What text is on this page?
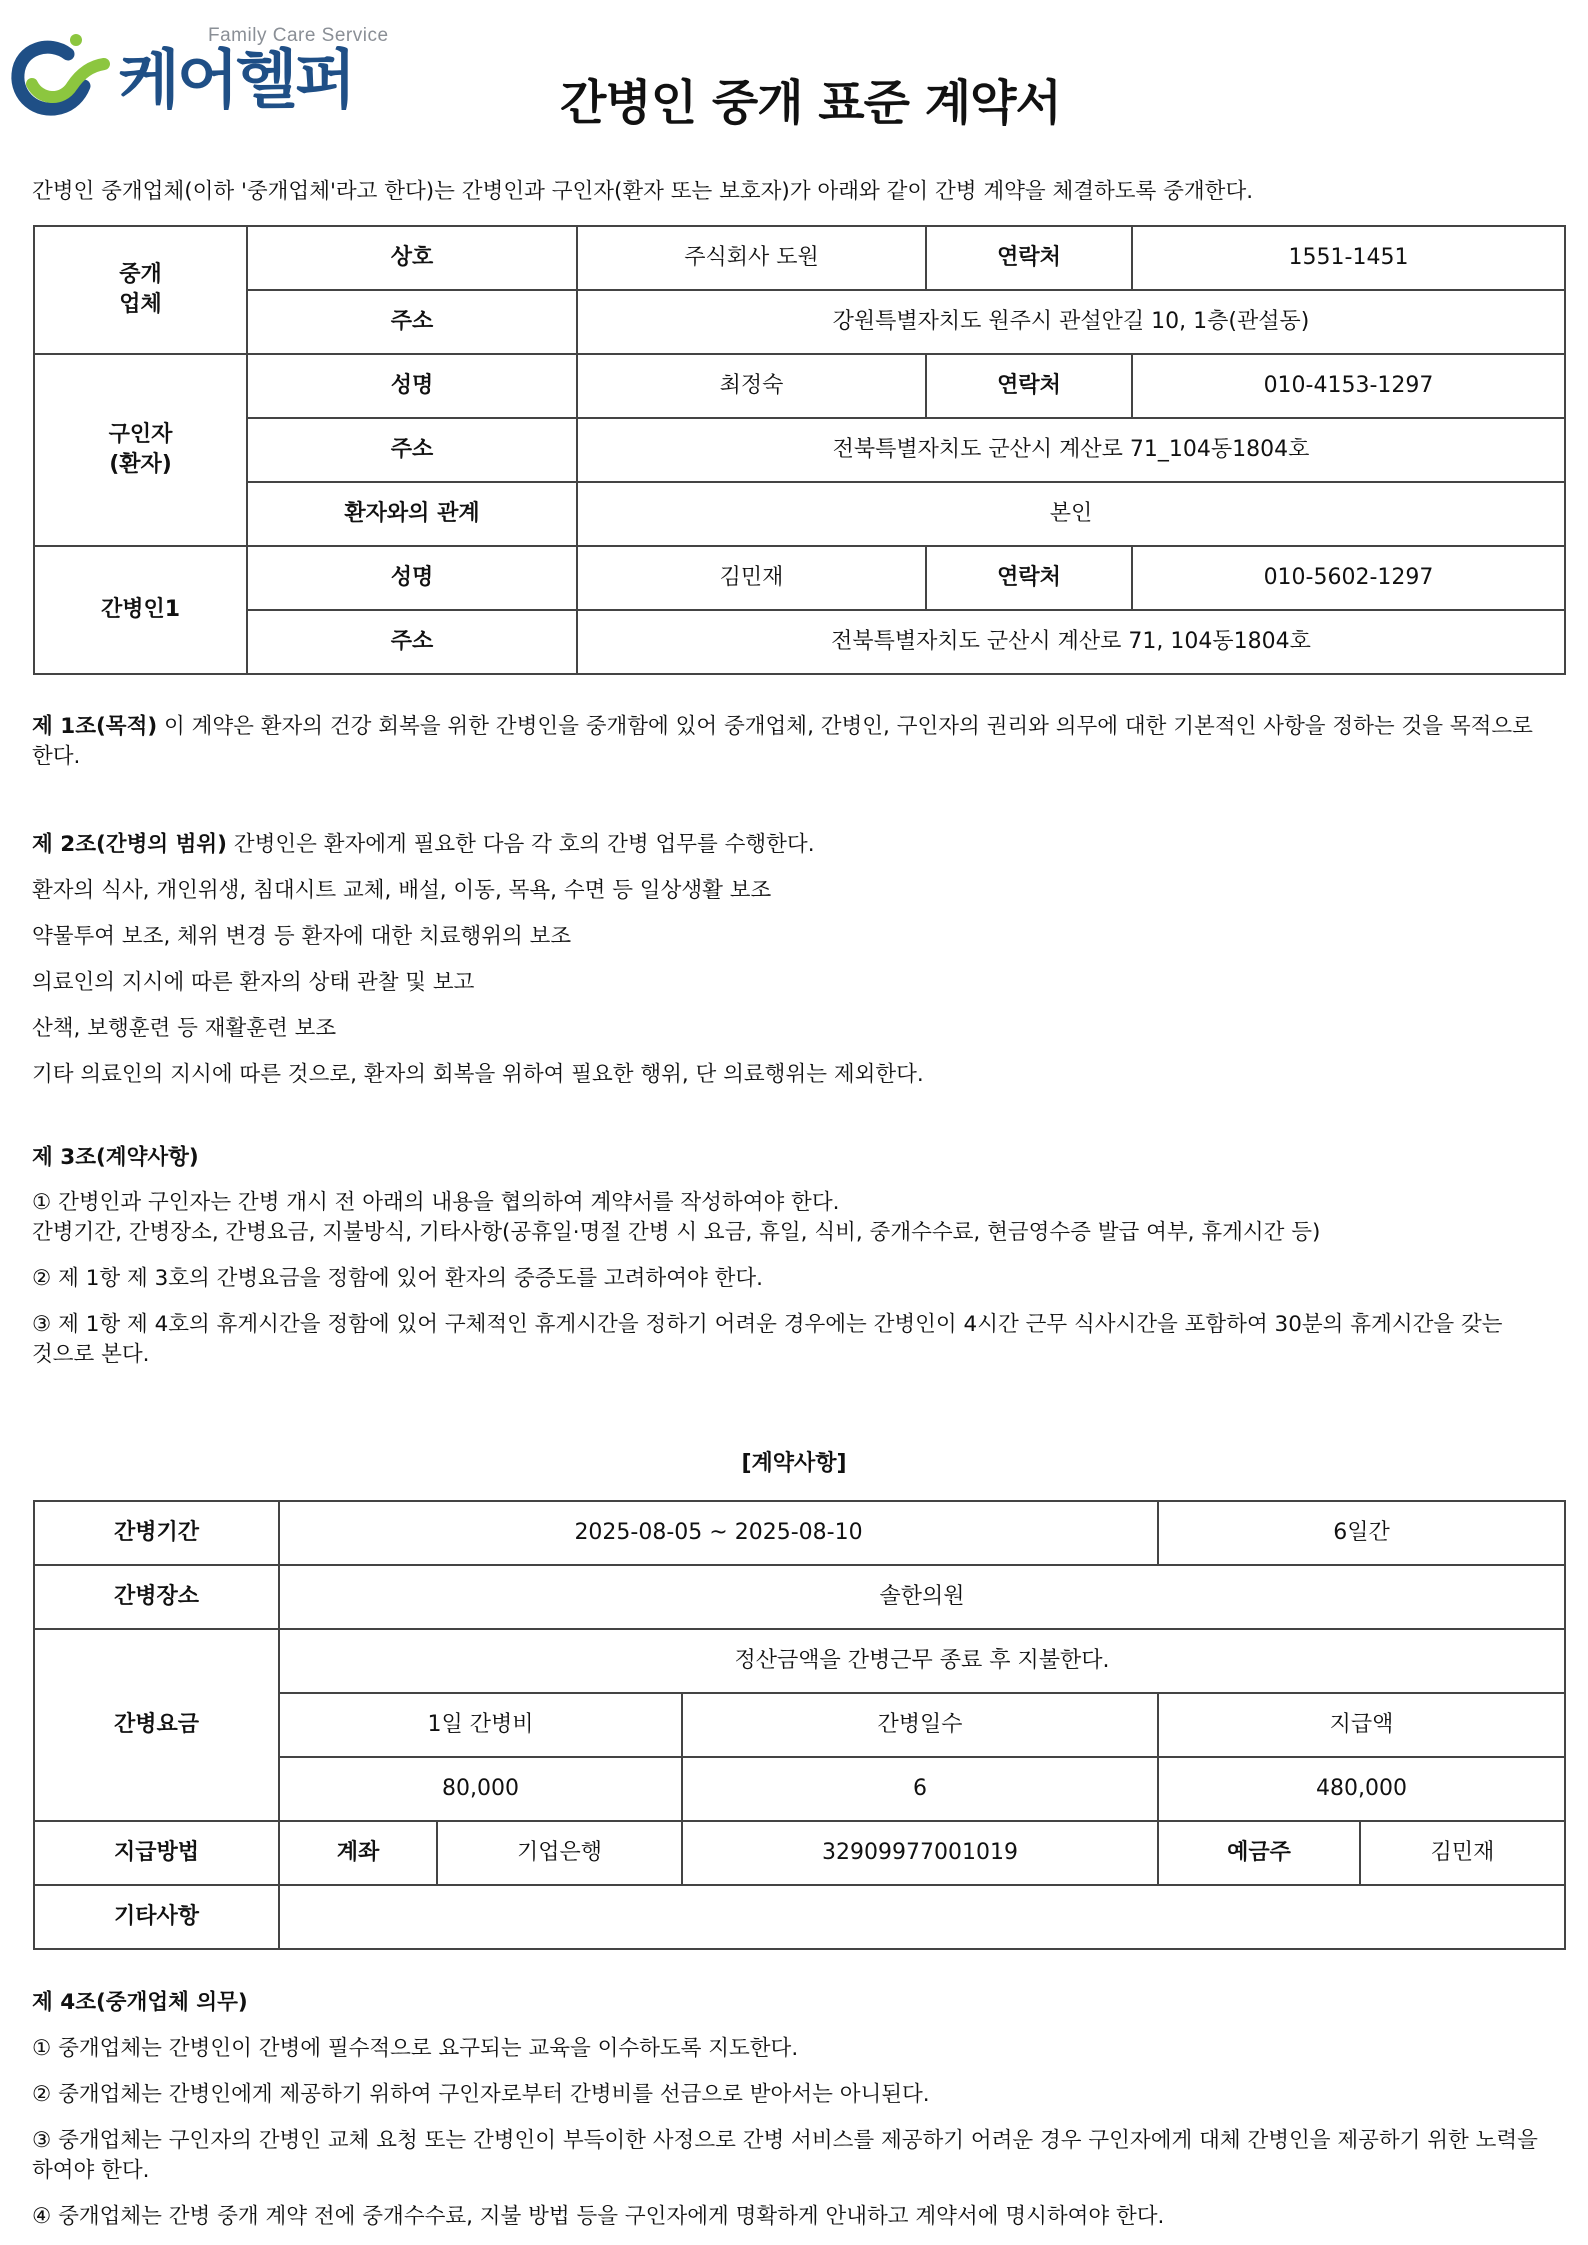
Family Care Service
케어헬퍼	간병인 중개 표준 계약서
간병인 중개업체(이하 '중개업체'라고 한다)는 간병인과 구인자(환자 또는 보호자)가 아래와 같이 간병 계약을 체결하도록 중개한다.
중개
업체	상호	주식회사 도원	연락처	1551-1451
	주소	강원특별자치도 원주시 관설안길 10, 1층(관설동)		
구인자
(환자)	성명	최정숙	연락처	010-4153-1297
	주소	전북특별자치도 군산시 계산로 71_104동1804호		
	환자와의 관계	본인		
간병인1	성명	김민재	연락처	010-5602-1297
	주소	전북특별자치도 군산시 계산로 71, 104동1804호		
제 1조(목적) 이 계약은 환자의 건강 회복을 위한 간병인을 중개함에 있어 중개업체, 간병인, 구인자의 권리와 의무에 대한 기본적인 사항을 정하는 것을 목적으로 한다.
제 2조(간병의 범위) 간병인은 환자에게 필요한 다음 각 호의 간병 업무를 수행한다.
환자의 식사, 개인위생, 침대시트 교체, 배설, 이동, 목욕, 수면 등 일상생활 보조
약물투여 보조, 체위 변경 등 환자에 대한 치료행위의 보조
의료인의 지시에 따른 환자의 상태 관찰 및 보고
산책, 보행훈련 등 재활훈련 보조
기타 의료인의 지시에 따른 것으로, 환자의 회복을 위하여 필요한 행위, 단 의료행위는 제외한다.
제 3조(계약사항)
① 간병인과 구인자는 간병 개시 전 아래의 내용을 협의하여 계약서를 작성하여야 한다.
간병기간, 간병장소, 간병요금, 지불방식, 기타사항(공휴일·명절 간병 시 요금, 휴일, 식비, 중개수수료, 현금영수증 발급 여부, 휴게시간 등)
② 제 1항 제 3호의 간병요금을 정함에 있어 환자의 중증도를 고려하여야 한다.
③ 제 1항 제 4호의 휴게시간을 정함에 있어 구체적인 휴게시간을 정하기 어려운 경우에는 간병인이 4시간 근무 식사시간을 포함하여 30분의 휴게시간을 갖는 것으로 본다.
[계약사항]
간병기간	2025-08-05 ~ 2025-08-10			6일간	
간병장소	솔한의원				
간병요금	정산금액을 간병근무 종료 후 지불한다.				
	1일 간병비		간병일수	지급액	
	80,000		6	480,000	
지급방법	계좌	기업은행	32909977001019	예금주	김민재
기타사항					
제 4조(중개업체 의무)
① 중개업체는 간병인이 간병에 필수적으로 요구되는 교육을 이수하도록 지도한다.
② 중개업체는 간병인에게 제공하기 위하여 구인자로부터 간병비를 선금으로 받아서는 아니된다.
③ 중개업체는 구인자의 간병인 교체 요청 또는 간병인이 부득이한 사정으로 간병 서비스를 제공하기 어려운 경우 구인자에게 대체 간병인을 제공하기 위한 노력을 하여야 한다.
④ 중개업체는 간병 중개 계약 전에 중개수수료, 지불 방법 등을 구인자에게 명확하게 안내하고 계약서에 명시하여야 한다.
